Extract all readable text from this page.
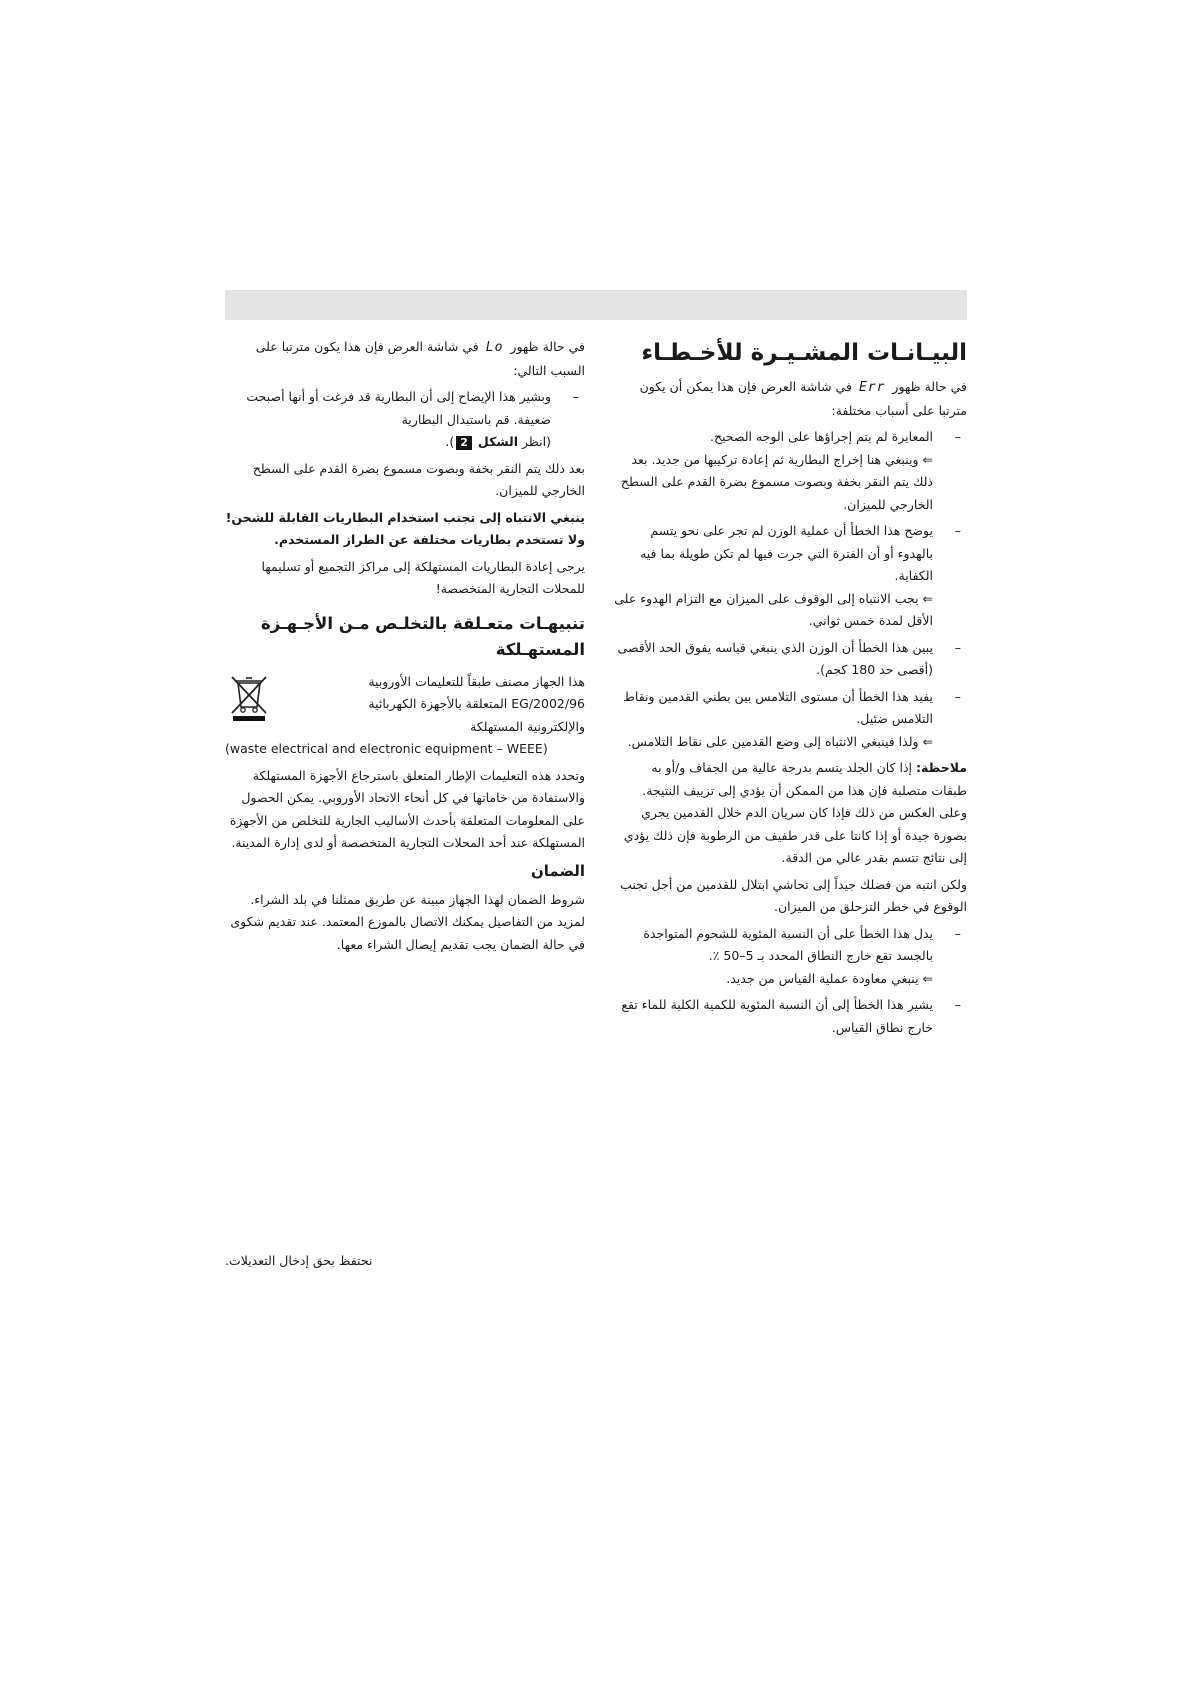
البيـانـات المشـيـرة للأخـطـاء

في حالة ظهور Err في شاشة العرض فإن هذا يمكن أن يكون مترتبا على أسباب مختلفة:

–

المعايرة لم يتم إجراؤها على الوجه الصحيح.

⇐ وينبغي هنا إخراج البطارية ثم إعادة تركيبها من جديد. بعد ذلك يتم النقر بخفة وبصوت مسموع بضرة القدم على السطح الخارجي للميزان.

–

يوضح هذا الخطأ أن عملية الوزن لم تجر على نحو يتسم بالهدوء أو أن الفترة التي جرت فيها لم تكن طويلة بما فيه الكفاية.

⇐ يجب الانتباه إلى الوقوف على الميزان مع التزام الهدوء على الأقل لمدة خمس ثواني.

–

يبين هذا الخطأ أن الوزن الذي ينبغي قياسه يفوق الحد الأقصى (أقصى حد 180 كجم).

–

يفيد هذا الخطأ أن مستوى التلامس بين بطني القدمين ونقاط التلامس ضئيل.

⇐ ولذا فينبغي الانتباه إلى وضع القدمين على نقاط التلامس.

ملاحظة: إذا كان الجلد يتسم بدرجة عالية من الجفاف و/أو به طبقات متصلبة فإن هذا من الممكن أن يؤدي إلى تزييف النتيجة. وعلى العكس من ذلك فإذا كان سريان الدم خلال القدمين يجري بصورة جيدة أو إذا كانتا على قدر طفيف من الرطوبة فإن ذلك يؤدي إلى نتائج تتسم بقدر عالي من الدقة.

ولكن انتبه من فضلك جيداً إلى تحاشي ابتلال للقدمين من أجل تجنب الوقوع في خطر التزحلق من الميزان.

–

يدل هذا الخطأ على أن النسبة المئوية للشحوم المتواجدة بالجسد تقع خارج النطاق المحدد بـ 5–50 ٪.

⇐ ينبغي معاودة عملية القياس من جديد.

–

يشير هذا الخطأ إلى أن النسبة المئوية للكمية الكلية للماء تقع خارج نطاق القياس.

في حالة ظهور Lo في شاشة العرض فإن هذا يكون مترتبا على السبب التالي:

–

وبشير هذا الإيضاح إلى أن البطارية قد فرغت أو أنها أصبحت ضعيفة. قم باستبدال البطارية

(انظر الشكل 2).

بعد ذلك يتم النقر بخفة وبصوت مسموع بضرة القدم على السطح الخارجي للميزان.

ينبغي الانتباه إلى تجنب استخدام البطاريات القابلة للشحن! ولا تستخدم بطاريات مختلفة عن الطراز المستخدم.

يرجى إعادة البطاريات المستهلكة إلى مراكز التجميع أو تسليمها للمحلات التجارية المتخصصة!

تنبيهـات متعـلقة بالتخلـص مـن الأجـهـزة المستهـلكة

هذا الجهاز مصنف طبقاً للتعليمات الأوروبية

2002/96/EG المتعلقة بالأجهزة الكهربائية

والإلكترونية المستهلكة

(waste electrical and electronic equipment – WEEE)

وتحدد هذه التعليمات الإطار المتعلق باسترجاع الأجهزة المستهلكة والاستفادة من خاماتها في كل أنحاء الاتحاد الأوروبي. يمكن الحصول على المعلومات المتعلقة بأحدث الأساليب الجارية للتخلص من الأجهزة المستهلكة عند أحد المحلات التجارية المتخصصة أو لدى إدارة المدينة.

الضمان

شروط الضمان لهذا الجهاز مبينة عن طريق ممثلنا في بلد الشراء. لمزيد من التفاصيل يمكنك الاتصال بالموزع المعتمد. عند تقديم شكوى في حالة الضمان يجب تقديم إيصال الشراء معها.

نحتفظ بحق إدخال التعديلات.
